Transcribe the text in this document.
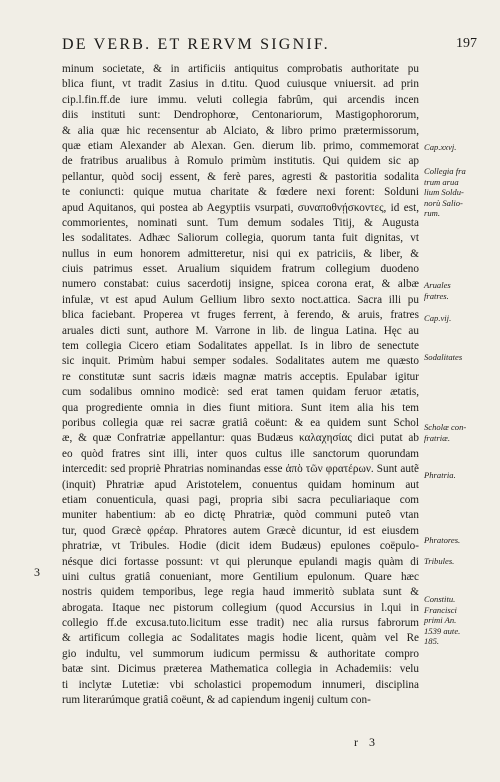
DE VERB. ET RERVM SIGNIF.	197
minum societate, & in artificiis antiquitus comprobatis authoritate pu
blica fiunt, vt tradit Zasius in d.titu. Quod cuiusque vniuersit. ad prin
cip.l.fin.ff.de iure immu. veluti collegia fabrûm, qui arcendis incen
diis instituti sunt: Dendrophorœ, Centonariorum, Mastigophororum,
& alia quæ hic recensentur ab Alciato, & libro primo prætermissorum,
quæ etiam Alexander ab Alexan. Gen. dierum lib. primo, commemorat
de fratribus arualibus à Romulo primùm institutis. Qui quidem sic ap
pellantur, quòd socij essent, & ferè pares, agresti & pastoritia sodalita
te coniuncti: quique mutua charitate & fœdere nexi forent: Solduni
apud Aquitanos, qui postea ab Aegyptiis vsurpati, συναποθνῄσκοντες, id est,
commorientes, nominati sunt. Tum demum sodales Titij, & Augusta
les sodalitates. Adhæc Saliorum collegia, quorum tanta fuit dignitas, vt
nullus in eum honorem admitteretur, nisi qui ex patriciis, & liber, &
ciuis patrimus esset. Arualium siquidem fratrum collegium duodeno
numero constabat: cuius sacerdotij insigne, spicea corona erat, & albæ
infulæ, vt est apud Aulum Gellium libro sexto noct.attica. Sacra illi pu
blica faciebant. Properea vt fruges ferrent, à ferendo, & aruis, fratres
aruales dicti sunt, authore M. Varrone in lib. de lingua Latina. Hęc au
tem collegia Cicero etiam Sodalitates appellat. Is in libro de senectute
sic inquit. Primùm habui semper sodales. Sodalitates autem me quæsto
re constitutæ sunt sacris idæis magnæ matris acceptis. Epulabar igitur
cum sodalibus omnino modicè: sed erat tamen quidam feruor ætatis,
qua progrediente omnia in dies fiunt mitiora. Sunt item alia his tem
poribus collegia quæ rei sacræ gratiâ coëunt: & ea quidem sunt Schol
æ, & quæ Confratriæ appellantur: quas Budæus καλαχησίας dici putat ab
eo quòd fratres sint illi, inter quos cultus ille sanctorum quorundam
intercedit: sed propriè Phratrias nominandas esse ἀπὸ τῶν φρατέρων. Sunt autẽ
(inquit) Phratriæ apud Aristotelem, conuentus quidam hominum aut
etiam conuenticula, quasi pagi, propria sibi sacra peculiariaque com
muniter habentium: ab eo dictę Phratriæ, quòd communi puteô vtan
tur, quod Græcè φρέαρ. Phratores autem Græcè dicuntur, id est eiusdem
phratriæ, vt Tribules. Hodie (dicit idem Budæus) epulones coëpulo-
nésque dici fortasse possunt: vt qui plerunque epulandi magis quàm di
uini cultus gratiâ conueniant, more Gentilium epulonum. Quare hæc
nostris quidem temporibus, lege regia haud immeritò sublata sunt &
abrogata. Itaque nec pistorum collegium (quod Accursius in l.qui in
collegio ff.de excusa.tuto.licitum esse tradit) nec alia rursus fabrorum
& artificum collegia ac Sodalitates magis hodie licent, quàm vel Re
gio indultu, vel summorum iudicum permissu & authoritate compro
batæ sint. Dicimus præterea Mathematica collegia in Achademiis: velu
ti inclytæ Lutetiæ: vbi scholastici propemodum innumeri, disciplina
rum literarúmque gratiâ coëunt, & ad capiendum ingenij cultum con-
Cap.xxvj.
Collegia fra
trum arua
lium Soldu-
norù Salio-
rum.
Aruales
fratres.
Cap.vij.
Sodalitates
Scholæ con-
fratriæ.
Phratria.
Phratores.
Tribules.
Constitu.
Francisci
primi An.
1539 aute.
185.
3
r 3
